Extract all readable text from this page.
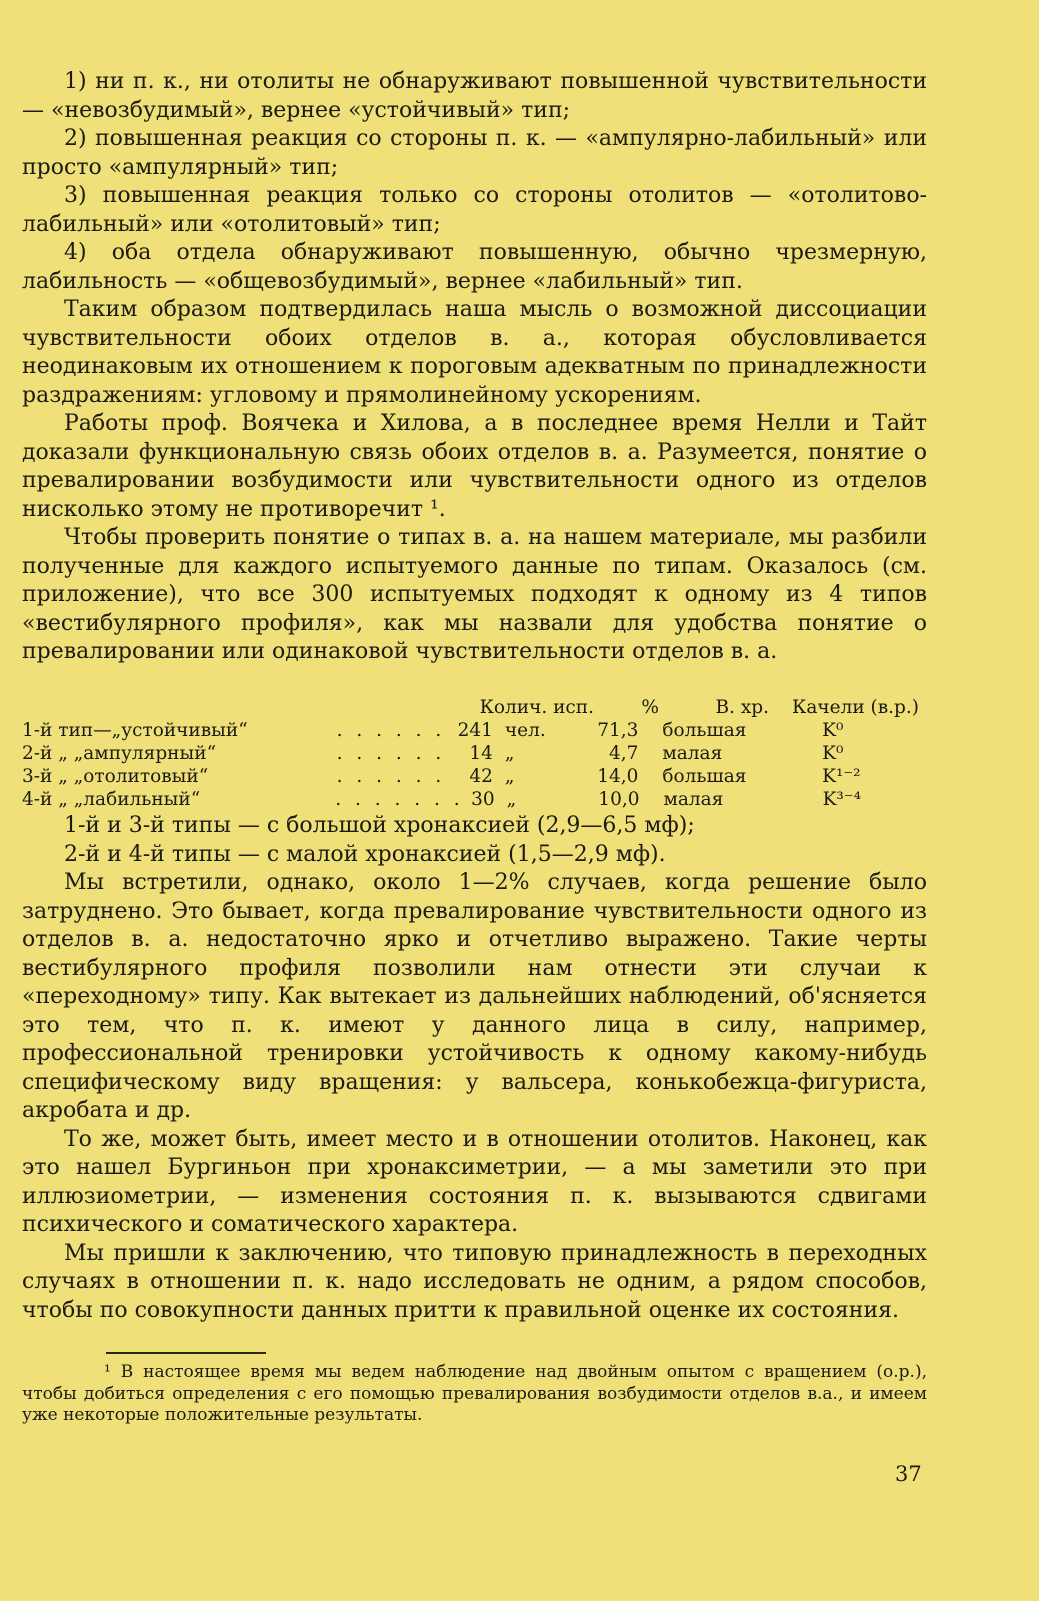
1) ни п. к., ни отолиты не обнаруживают повышенной чувствительности — «невозбудимый», вернее «устойчивый» тип;

2) повышенная реакция со стороны п. к. — «ампулярно-лабильный» или просто «ампулярный» тип;

3) повышенная реакция только со стороны отолитов — «отолитово-лабильный» или «отолитовый» тип;

4) оба отдела обнаруживают повышенную, обычно чрезмерную, лабильность — «общевозбудимый», вернее «лабильный» тип.

Таким образом подтвердилась наша мысль о возможной диссоциации чувствительности обоих отделов в. а., которая обусловливается неодинаковым их отношением к пороговым адекватным по принадлежности раздражениям: угловому и прямолинейному ускорениям.

Работы проф. Воячека и Хилова, а в последнее время Нелли и Тайт доказали функциональную связь обоих отделов в. а. Разумеется, понятие о превалировании возбудимости или чувствительности одного из отделов нисколько этому не противоречит ¹.

Чтобы проверить понятие о типах в. а. на нашем материале, мы разбили полученные для каждого испытуемого данные по типам. Оказалось (см. приложение), что все 300 испытуемых подходят к одному из 4 типов «вестибулярного профиля», как мы назвали для удобства понятие о превалировании или одинаковой чувствительности отделов в. а.

Колич. исп.	%	В. хр.	Качели (в.р.)
1-й тип—„устойчивый“	. . . . . . 241 чел.	71,3	большая	K⁰
2-й „ „ампулярный“	. . . . . .	14 „	4,7	малая	K⁰
3-й „ „отолитовый“	. . . . . .	42 „	14,0	большая	K¹⁻²
4-й „ „лабильный“	. . . . . . . 30 „	10,0	малая	K³⁻⁴

1-й и 3-й типы — с большой хронаксией (2,9—6,5 мф);

2-й и 4-й типы — с малой хронаксией (1,5—2,9 мф).

Мы встретили, однако, около 1—2% случаев, когда решение было затруднено. Это бывает, когда превалирование чувствительности одного из отделов в. а. недостаточно ярко и отчетливо выражено. Такие черты вестибулярного профиля позволили нам отнести эти случаи к «переходному» типу. Как вытекает из дальнейших наблюдений, об'ясняется это тем, что п. к. имеют у данного лица в силу, например, профессиональной тренировки устойчивость к одному какому-нибудь специфическому виду вращения: у вальсера, конькобежца-фигуриста, акробата и др.

То же, может быть, имеет место и в отношении отолитов. Наконец, как это нашел Бургиньон при хронаксиметрии, — а мы заметили это при иллюзиометрии, — изменения состояния п. к. вызываются сдвигами психического и соматического характера.

Мы пришли к заключению, что типовую принадлежность в переходных случаях в отношении п. к. надо исследовать не одним, а рядом способов, чтобы по совокупности данных притти к правильной оценке их состояния.

¹ В настоящее время мы ведем наблюдение над двойным опытом с вращением (о.р.), чтобы добиться определения с его помощью превалирования возбудимости отделов в.а., и имеем уже некоторые положительные результаты.

37
